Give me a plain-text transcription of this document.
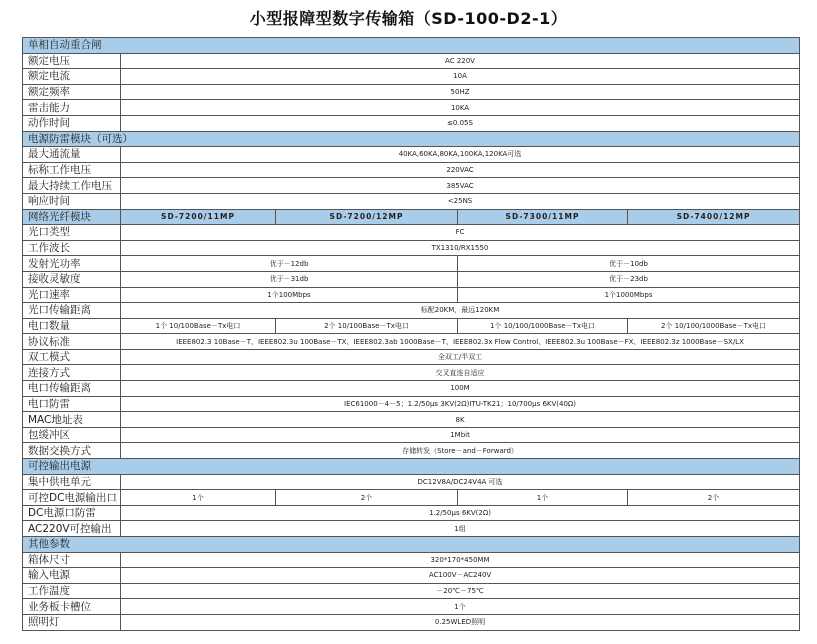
小型报障型数字传输箱（SD-100-D2-1）
单相自动重合闸				
额定电压	AC 220V			
额定电流	10A			
额定频率	50HZ			
雷击能力	10KA			
动作时间	≤0.05S			
电源防雷模块（可选）				
最大通流量	40KA,60KA,80KA,100KA,120KA可选			
标称工作电压	220VAC			
最大持续工作电压	385VAC			
响应时间	<25NS			
网络光纤模块	SD-7200/11MP	SD-7200/12MP	SD-7300/11MP	SD-7400/12MP
光口类型	FC			
工作波长	TX1310/RX1550			
发射光功率	优于－12db		优于－10db	
接收灵敏度	优于－31db		优于－23db	
光口速率	1个100Mbps		1个1000Mbps	
光口传输距离	标配20KM，最远120KM			
电口数量	1个 10/100Base－Tx电口	2个 10/100Base－Tx电口	1个 10/100/1000Base－Tx电口	2个 10/100/1000Base－Tx电口
协议标准	IEEE802.3 10Base－T、IEEE802.3u 100Base－TX、IEEE802.3ab 1000Base－T、IEEE802.3x Flow Control、IEEE802.3u 100Base－FX、IEEE802.3z 1000Base－SX/LX			
双工模式	全双工/半双工			
连接方式	交叉直连自适应			
电口传输距离	100M			
电口防雷	IEC61000－4－5；1.2/50μs 3KV(2Ω)ITU-TK21；10/700μs 6KV(40Ω)			
MAC地址表	8K			
包缓冲区	1Mbit			
数据交换方式	存储转发（Store－and－Forward）			
可控输出电源				
集中供电单元	DC12V8A/DC24V4A 可选			
可控DC电源输出口	1个	2个	1个	2个
DC电源口防雷	1.2/50μs 6KV(2Ω)			
AC220V可控输出	1组			
其他参数				
箱体尺寸	320*170*450MM			
输入电源	AC100V－AC240V			
工作温度	－20℃－75℃			
业务板卡槽位	1个			
照明灯	0.25WLED照明			
